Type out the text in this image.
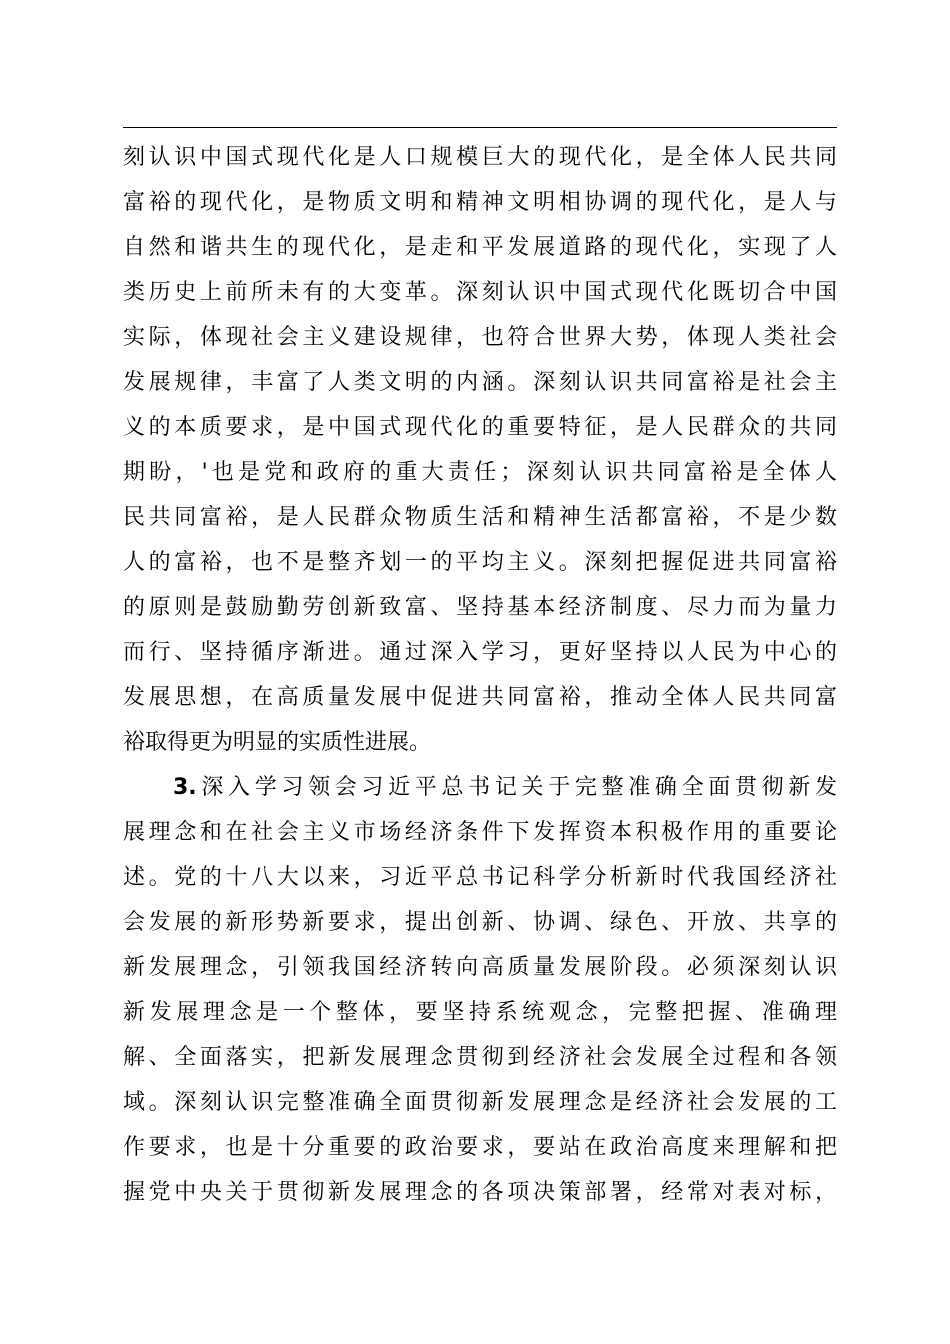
刻认识中国式现代化是人口规模巨大的现代化，是全体人民共同
富裕的现代化，是物质文明和精神文明相协调的现代化，是人与
自然和谐共生的现代化，是走和平发展道路的现代化，实现了人
类历史上前所未有的大变革。深刻认识中国式现代化既切合中国
实际，体现社会主义建设规律，也符合世界大势，体现人类社会
发展规律，丰富了人类文明的内涵。深刻认识共同富裕是社会主
义的本质要求，是中国式现代化的重要特征，是人民群众的共同
期盼，'也是党和政府的重大责任；深刻认识共同富裕是全体人
民共同富裕，是人民群众物质生活和精神生活都富裕，不是少数
人的富裕，也不是整齐划一的平均主义。深刻把握促进共同富裕
的原则是鼓励勤劳创新致富、坚持基本经济制度、尽力而为量力
而行、坚持循序渐进。通过深入学习，更好坚持以人民为中心的
发展思想，在高质量发展中促进共同富裕，推动全体人民共同富
裕取得更为明显的实质性进展。
3.深入学习领会习近平总书记关于完整准确全面贯彻新发
展理念和在社会主义市场经济条件下发挥资本积极作用的重要论
述。党的十八大以来，习近平总书记科学分析新时代我国经济社
会发展的新形势新要求，提出创新、协调、绿色、开放、共享的
新发展理念，引领我国经济转向高质量发展阶段。必须深刻认识
新发展理念是一个整体，要坚持系统观念，完整把握、准确理
解、全面落实，把新发展理念贯彻到经济社会发展全过程和各领
域。深刻认识完整准确全面贯彻新发展理念是经济社会发展的工
作要求，也是十分重要的政治要求，要站在政治高度来理解和把
握党中央关于贯彻新发展理念的各项决策部署，经常对表对标，
